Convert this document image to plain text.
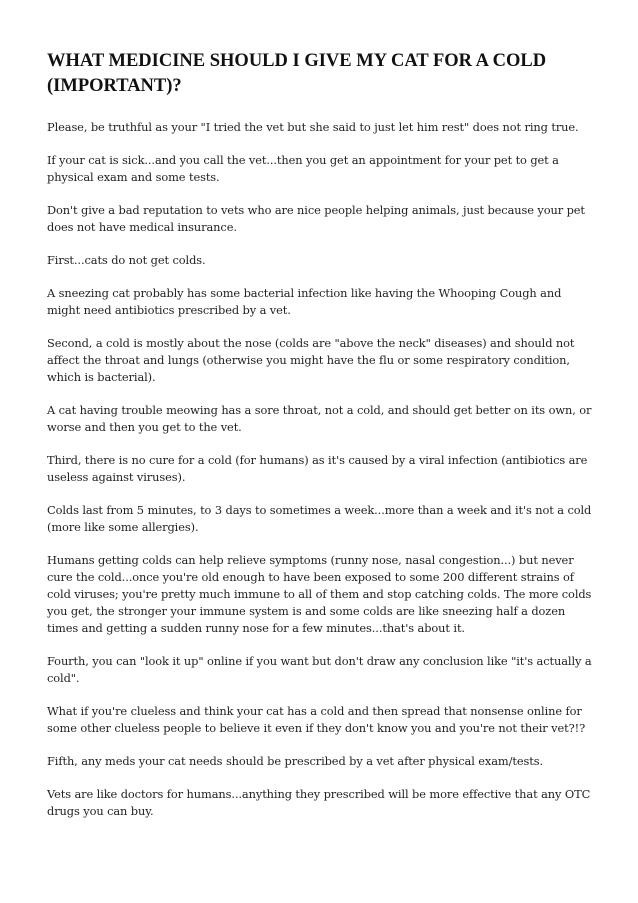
WHAT MEDICINE SHOULD I GIVE MY CAT FOR A COLD (IMPORTANT)?

Please, be truthful as your "I tried the vet but she said to just let him rest" does not ring true.

If your cat is sick...and you call the vet...then you get an appointment for your pet to get a physical exam and some tests.

Don't give a bad reputation to vets who are nice people helping animals, just because your pet does not have medical insurance.

First...cats do not get colds.

A sneezing cat probably has some bacterial infection like having the Whooping Cough and might need antibiotics prescribed by a vet.

Second, a cold is mostly about the nose (colds are "above the neck" diseases) and should not affect the throat and lungs (otherwise you might have the flu or some respiratory condition, which is bacterial).

A cat having trouble meowing has a sore throat, not a cold, and should get better on its own, or worse and then you get to the vet.

Third, there is no cure for a cold (for humans) as it's caused by a viral infection (antibiotics are useless against viruses).

Colds last from 5 minutes, to 3 days to sometimes a week...more than a week and it's not a cold (more like some allergies).

Humans getting colds can help relieve symptoms (runny nose, nasal congestion...) but never cure the cold...once you're old enough to have been exposed to some 200 different strains of cold viruses; you're pretty much immune to all of them and stop catching colds. The more colds you get, the stronger your immune system is and some colds are like sneezing half a dozen times and getting a sudden runny nose for a few minutes...that's about it.

Fourth, you can "look it up" online if you want but don't draw any conclusion like "it's actually a cold".

What if you're clueless and think your cat has a cold and then spread that nonsense online for some other clueless people to believe it even if they don't know you and you're not their vet?!?

Fifth, any meds your cat needs should be prescribed by a vet after physical exam/tests.

Vets are like doctors for humans...anything they prescribed will be more effective that any OTC drugs you can buy.
